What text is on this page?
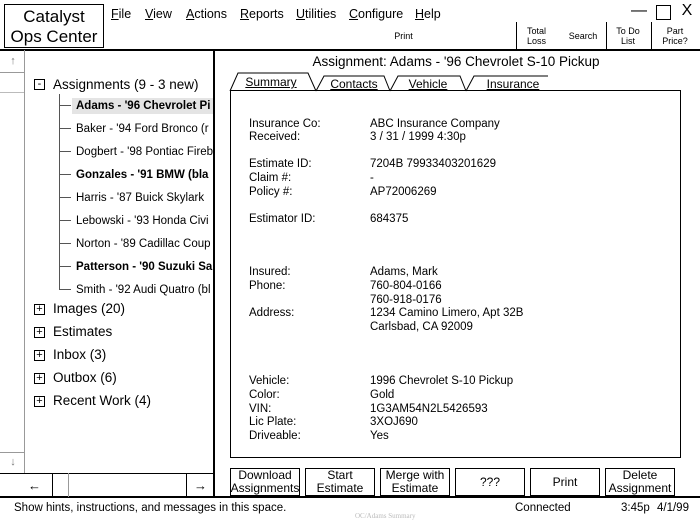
Catalyst
Ops Center
File View Actions Reports Utilities Configure Help	— X
Print	Total
Loss	Search To Do
List
Part
Price?
↑
↓
←	→
- Assignments (9 - 3 new)
Adams - '96 Chevrolet Pi
Baker - '94 Ford Bronco (r
Dogbert - '98 Pontiac Fireb
Gonzales - '91 BMW (bla
Harris - '87 Buick Skylark
Lebowski - '93 Honda Civi
Norton - '89 Cadillac Coup
Patterson - '90 Suzuki Sa
Smith - '92 Audi Quatro (bl
+ Images (20)
+ Estimates
+ Inbox (3)
+ Outbox (6)
+ Recent Work (4)
Assignment: Adams - '96 Chevrolet S-10 Pickup
Summary	Contacts	Vehicle	Insurance
Insurance Co:	ABC Insurance Company
Received:	3 / 31 / 1999 4:30p
Estimate ID:	7204B 79933403201629
Claim #:	-
Policy #:	AP72006269
Estimator ID:	684375
Insured:	Adams, Mark
Phone:	760-804-0166
760-918-0176
Address:	1234 Camino Limero, Apt 32B
Carlsbad, CA 92009
Vehicle:	1996 Chevrolet S-10 Pickup
Color:	Gold
VIN:	1G3AM54N2L5426593
Lic Plate:	3XOJ690
Driveable:	Yes
Download
Assignments
Start
Estimate
Merge with
Estimate	???	Print	Delete
Assignment
Show hints, instructions, and messages in this space.
OC/Adams Summary
Connected	3:45p 4/1/99
